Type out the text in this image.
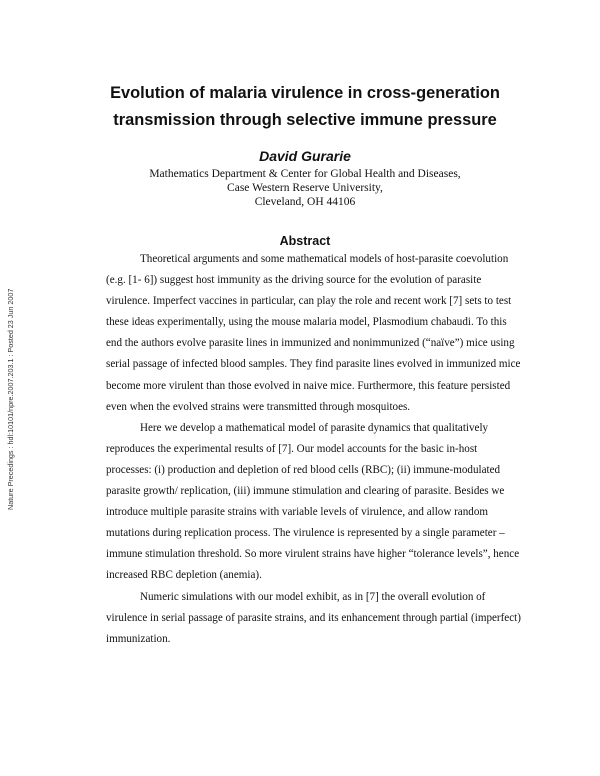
Nature Precedings : hdl:10101/npre.2007.203.1 : Posted 23 Jun 2007
Evolution of malaria virulence in cross-generation
transmission through selective immune pressure
David Gurarie
Mathematics Department & Center for Global Health and Diseases,
Case Western Reserve University,
Cleveland, OH 44106
Abstract

Theoretical arguments and some mathematical models of host-parasite coevolution (e.g. [1- 6]) suggest host immunity as the driving source for the evolution of parasite virulence. Imperfect vaccines in particular, can play the role and recent work [7] sets to test these ideas experimentally, using the mouse malaria model, Plasmodium chabaudi. To this end the authors evolve parasite lines in immunized and nonimmunized (“naïve”) mice using serial passage of infected blood samples. They find parasite lines evolved in immunized mice become more virulent than those evolved in naive mice. Furthermore, this feature persisted even when the evolved strains were transmitted through mosquitoes.

Here we develop a mathematical model of parasite dynamics that qualitatively reproduces the experimental results of [7]. Our model accounts for the basic in-host processes: (i) production and depletion of red blood cells (RBC); (ii) immune-modulated parasite growth/ replication, (iii) immune stimulation and clearing of parasite. Besides we introduce multiple parasite strains with variable levels of virulence, and allow random mutations during replication process. The virulence is represented by a single parameter – immune stimulation threshold. So more virulent strains have higher “tolerance levels”, hence increased RBC depletion (anemia).

Numeric simulations with our model exhibit, as in [7] the overall evolution of virulence in serial passage of parasite strains, and its enhancement through partial (imperfect) immunization.
